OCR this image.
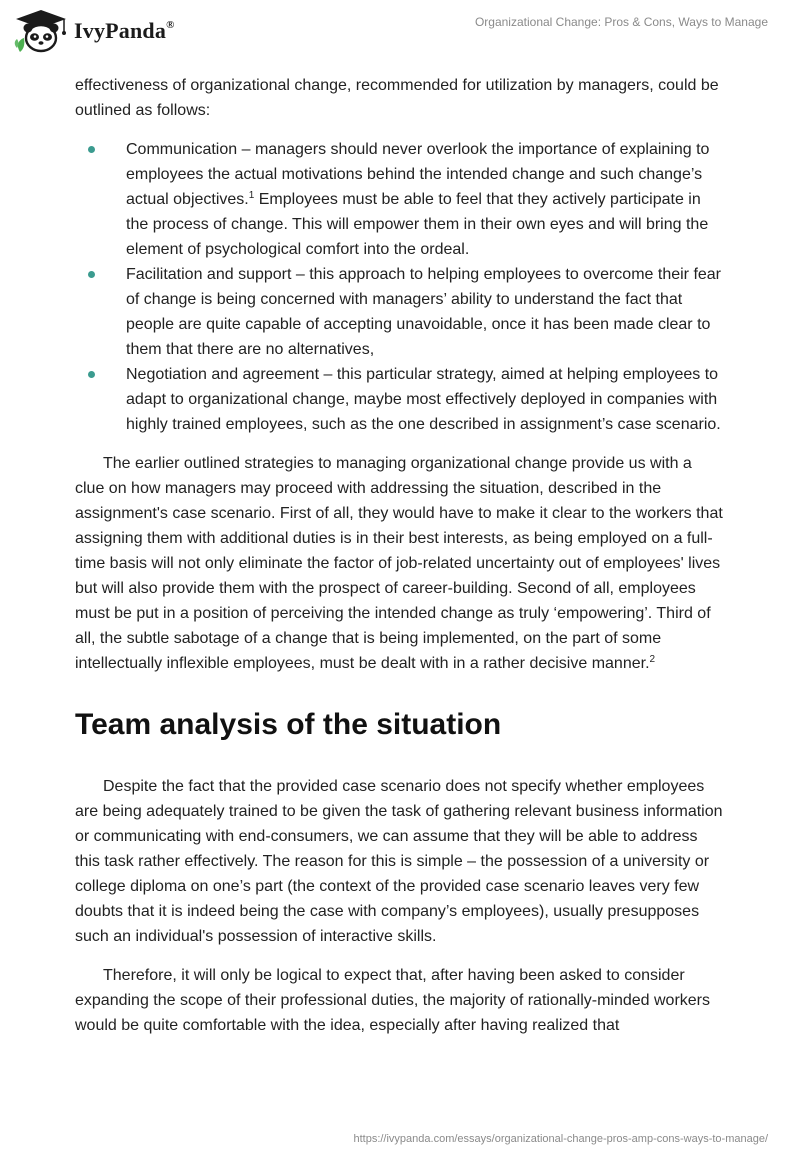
IvyPanda®	Organizational Change: Pros & Cons, Ways to Manage

effectiveness of organizational change, recommended for utilization by managers, could be outlined as follows:

Communication – managers should never overlook the importance of explaining to employees the actual motivations behind the intended change and such change’s actual objectives.$^1$ Employees must be able to feel that they actively participate in the process of change. This will empower them in their own eyes and will bring the element of psychological comfort into the ordeal.
Facilitation and support – this approach to helping employees to overcome their fear of change is being concerned with managers’ ability to understand the fact that people are quite capable of accepting unavoidable, once it has been made clear to them that there are no alternatives,
Negotiation and agreement – this particular strategy, aimed at helping employees to adapt to organizational change, maybe most effectively deployed in companies with highly trained employees, such as the one described in assignment’s case scenario.

The earlier outlined strategies to managing organizational change provide us with a clue on how managers may proceed with addressing the situation, described in the assignment's case scenario. First of all, they would have to make it clear to the workers that assigning them with additional duties is in their best interests, as being employed on a full-time basis will not only eliminate the factor of job-related uncertainty out of employees' lives but will also provide them with the prospect of career-building. Second of all, employees must be put in a position of perceiving the intended change as truly ‘empowering’. Third of all, the subtle sabotage of a change that is being implemented, on the part of some intellectually inflexible employees, must be dealt with in a rather decisive manner.$^2$

Team analysis of the situation

Despite the fact that the provided case scenario does not specify whether employees are being adequately trained to be given the task of gathering relevant business information or communicating with end-consumers, we can assume that they will be able to address this task rather effectively. The reason for this is simple – the possession of a university or college diploma on one’s part (the context of the provided case scenario leaves very few doubts that it is indeed being the case with company’s employees), usually presupposes such an individual's possession of interactive skills.

Therefore, it will only be logical to expect that, after having been asked to consider expanding the scope of their professional duties, the majority of rationally-minded workers would be quite comfortable with the idea, especially after having realized that

https://ivypanda.com/essays/organizational-change-pros-amp-cons-ways-to-manage/
